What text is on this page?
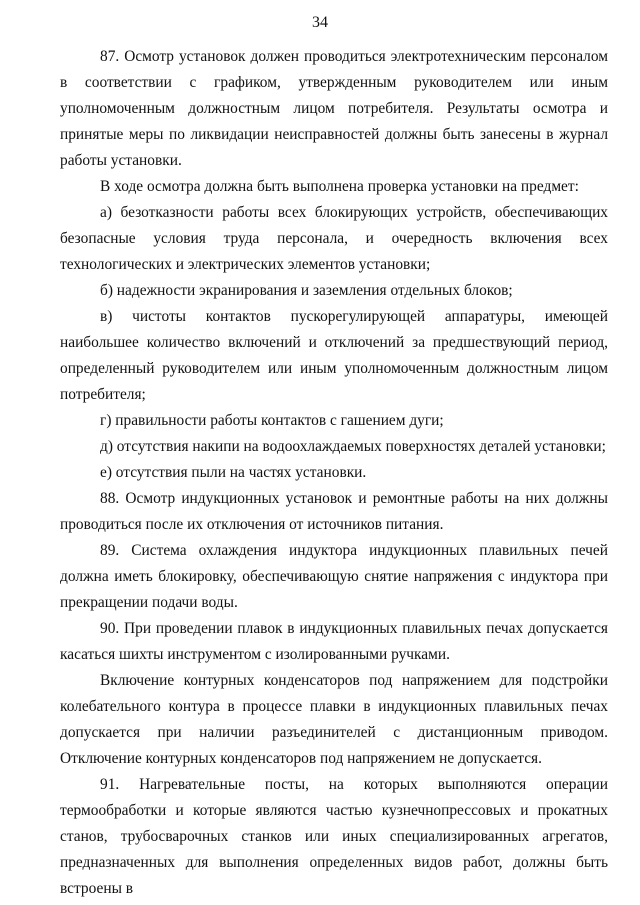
34

87. Осмотр установок должен проводиться электротехническим персоналом в соответствии с графиком, утвержденным руководителем или иным уполномоченным должностным лицом потребителя. Результаты осмотра и принятые меры по ликвидации неисправностей должны быть занесены в журнал работы установки.

В ходе осмотра должна быть выполнена проверка установки на предмет:

а) безотказности работы всех блокирующих устройств, обеспечивающих безопасные условия труда персонала, и очередность включения всех технологических и электрических элементов установки;

б) надежности экранирования и заземления отдельных блоков;

в) чистоты контактов пускорегулирующей аппаратуры, имеющей наибольшее количество включений и отключений за предшествующий период, определенный руководителем или иным уполномоченным должностным лицом потребителя;

г) правильности работы контактов с гашением дуги;

д) отсутствия накипи на водоохлаждаемых поверхностях деталей установки;

е) отсутствия пыли на частях установки.

88. Осмотр индукционных установок и ремонтные работы на них должны проводиться после их отключения от источников питания.

89. Система охлаждения индуктора индукционных плавильных печей должна иметь блокировку, обеспечивающую снятие напряжения с индуктора при прекращении подачи воды.

90. При проведении плавок в индукционных плавильных печах допускается касаться шихты инструментом с изолированными ручками.

Включение контурных конденсаторов под напряжением для подстройки колебательного контура в процессе плавки в индукционных плавильных печах допускается при наличии разъединителей с дистанционным приводом. Отключение контурных конденсаторов под напряжением не допускается.

91. Нагревательные посты, на которых выполняются операции термообработки и которые являются частью кузнечнопрессовых и прокатных станов, трубосварочных станков или иных специализированных агрегатов, предназначенных для выполнения определенных видов работ, должны быть встроены в
